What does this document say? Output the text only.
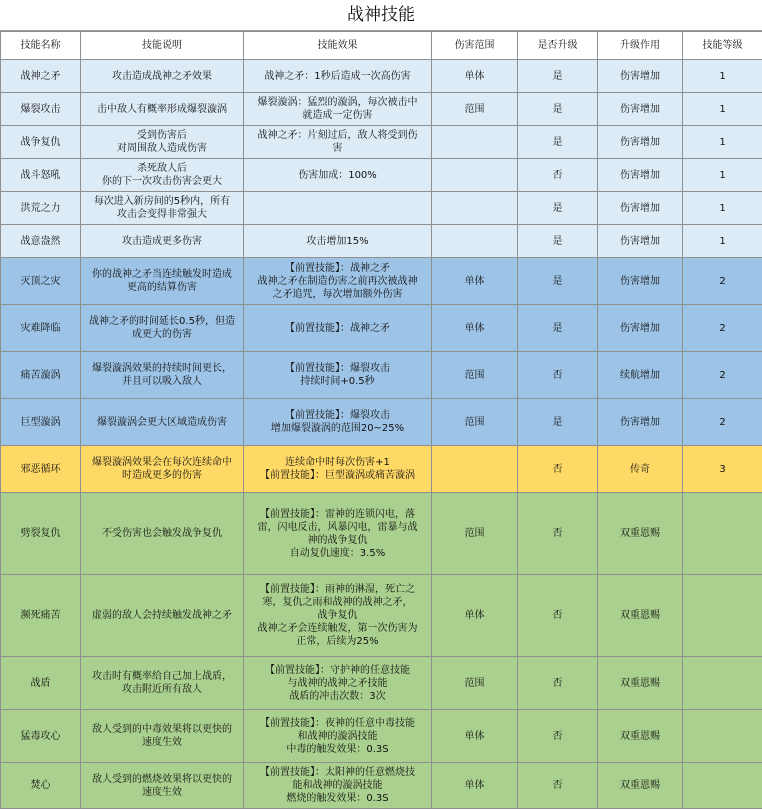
战神技能
技能名称	技能说明	技能效果	伤害范围	是否升级	升级作用	技能等级
战神之矛	攻击造成战神之矛效果	战神之矛：1秒后造成一次高伤害	单体	是	伤害增加	1
爆裂攻击	击中敌人有概率形成爆裂漩涡	爆裂漩涡：猛烈的漩涡，每次被击中
就造成一定伤害	范围	是	伤害增加	1
战争复仇	受到伤害后
对周围敌人造成伤害	战神之矛：片刻过后，敌人将受到伤
害		是	伤害增加	1
战斗怒吼	杀死敌人后
你的下一次攻击伤害会更大	伤害加成：100%		否	伤害增加	1
洪荒之力	每次进入新房间的5秒内，所有
攻击会变得非常强大			是	伤害增加	1
战意盎然	攻击造成更多伤害	攻击增加15%		是	伤害增加	1
灭顶之灾	你的战神之矛当连续触发时造成
更高的结算伤害	【前置技能】：战神之矛
战神之矛在制造伤害之前再次被战神
之矛追咒，每次增加额外伤害	单体	是	伤害增加	2
灾难降临	战神之矛的时间延长0.5秒，但造
成更大的伤害	【前置技能】：战神之矛	单体	是	伤害增加	2
痛苦漩涡	爆裂漩涡效果的持续时间更长，
并且可以吸入敌人	【前置技能】：爆裂攻击
持续时间+0.5秒	范围	否	续航增加	2
巨型漩涡	爆裂漩涡会更大区域造成伤害	【前置技能】：爆裂攻击
增加爆裂漩涡的范围20~25%	范围	是	伤害增加	2
邪恶循环	爆裂漩涡效果会在每次连续命中
时造成更多的伤害	连续命中时每次伤害+1
【前置技能】：巨型漩涡或痛苦漩涡		否	传奇	3
劈裂复仇	不受伤害也会触发战争复仇	【前置技能】：雷神的连锁闪电，落
雷，闪电反击，风暴闪电，雷暴与战
神的战争复仇
自动复仇速度：3.5%	范围	否	双重恩赐	
濒死痛苦	虚弱的敌人会持续触发战神之矛	【前置技能】：雨神的淋湿，死亡之
寒，复仇之雨和战神的战神之矛，
战争复仇
战神之矛会连续触发，第一次伤害为
正常，后续为25%	单体	否	双重恩赐	
战盾	攻击时有概率给自己加上战盾，
攻击附近所有敌人	【前置技能】：守护神的任意技能
与战神的战神之矛技能
战盾的冲击次数：3次	范围	否	双重恩赐	
猛毒攻心	敌人受到的中毒效果将以更快的
速度生效	【前置技能】：夜神的任意中毒技能
和战神的漩涡技能
中毒的触发效果：0.3S	单体	否	双重恩赐	
焚心	敌人受到的燃烧效果将以更快的
速度生效	【前置技能】：太阳神的任意燃烧技
能和战神的漩涡技能
燃烧的触发效果：0.3S	单体	否	双重恩赐	
